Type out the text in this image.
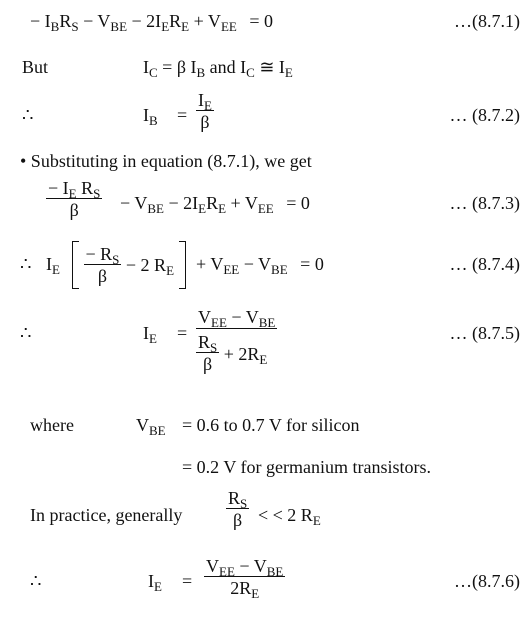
− $I_BR_S - V_{BE} - 2I_ER_E + V_{EE} = 0$	…(8.7.1)
But	$I_C = \beta$ $I_B$ and $I_C$ ≅ $I_E$
∴	$I_B = \frac{I_E}{\beta}$	… (8.7.2)
• Substituting in equation (8.7.1), we get
$\frac{- I_E R_S}{\beta} - V_{BE} - 2I_ER_E + V_{EE} = 0$	… (8.7.3)
∴ $I_E$
$\frac{- R_S}{\beta} - 2$ $R_E$	+ $V_{EE} - V_{BE} = 0$	… (8.7.4)
∴	$I_E$ =
$V_{EE} - V_{BE}$
$\frac{R_S}{\beta} + 2R_E$
… (8.7.5)
where	$V_{BE} = 0.6$ to 0.7 V for silicon
= 0.2 V for germanium transistors.
In practice, generally $\frac{R_S}{\beta}$ < < 2 $R_E$
∴	$I_E$ =
$V_{EE} - V_{BE}$
$2R_E$
…(8.7.6)
